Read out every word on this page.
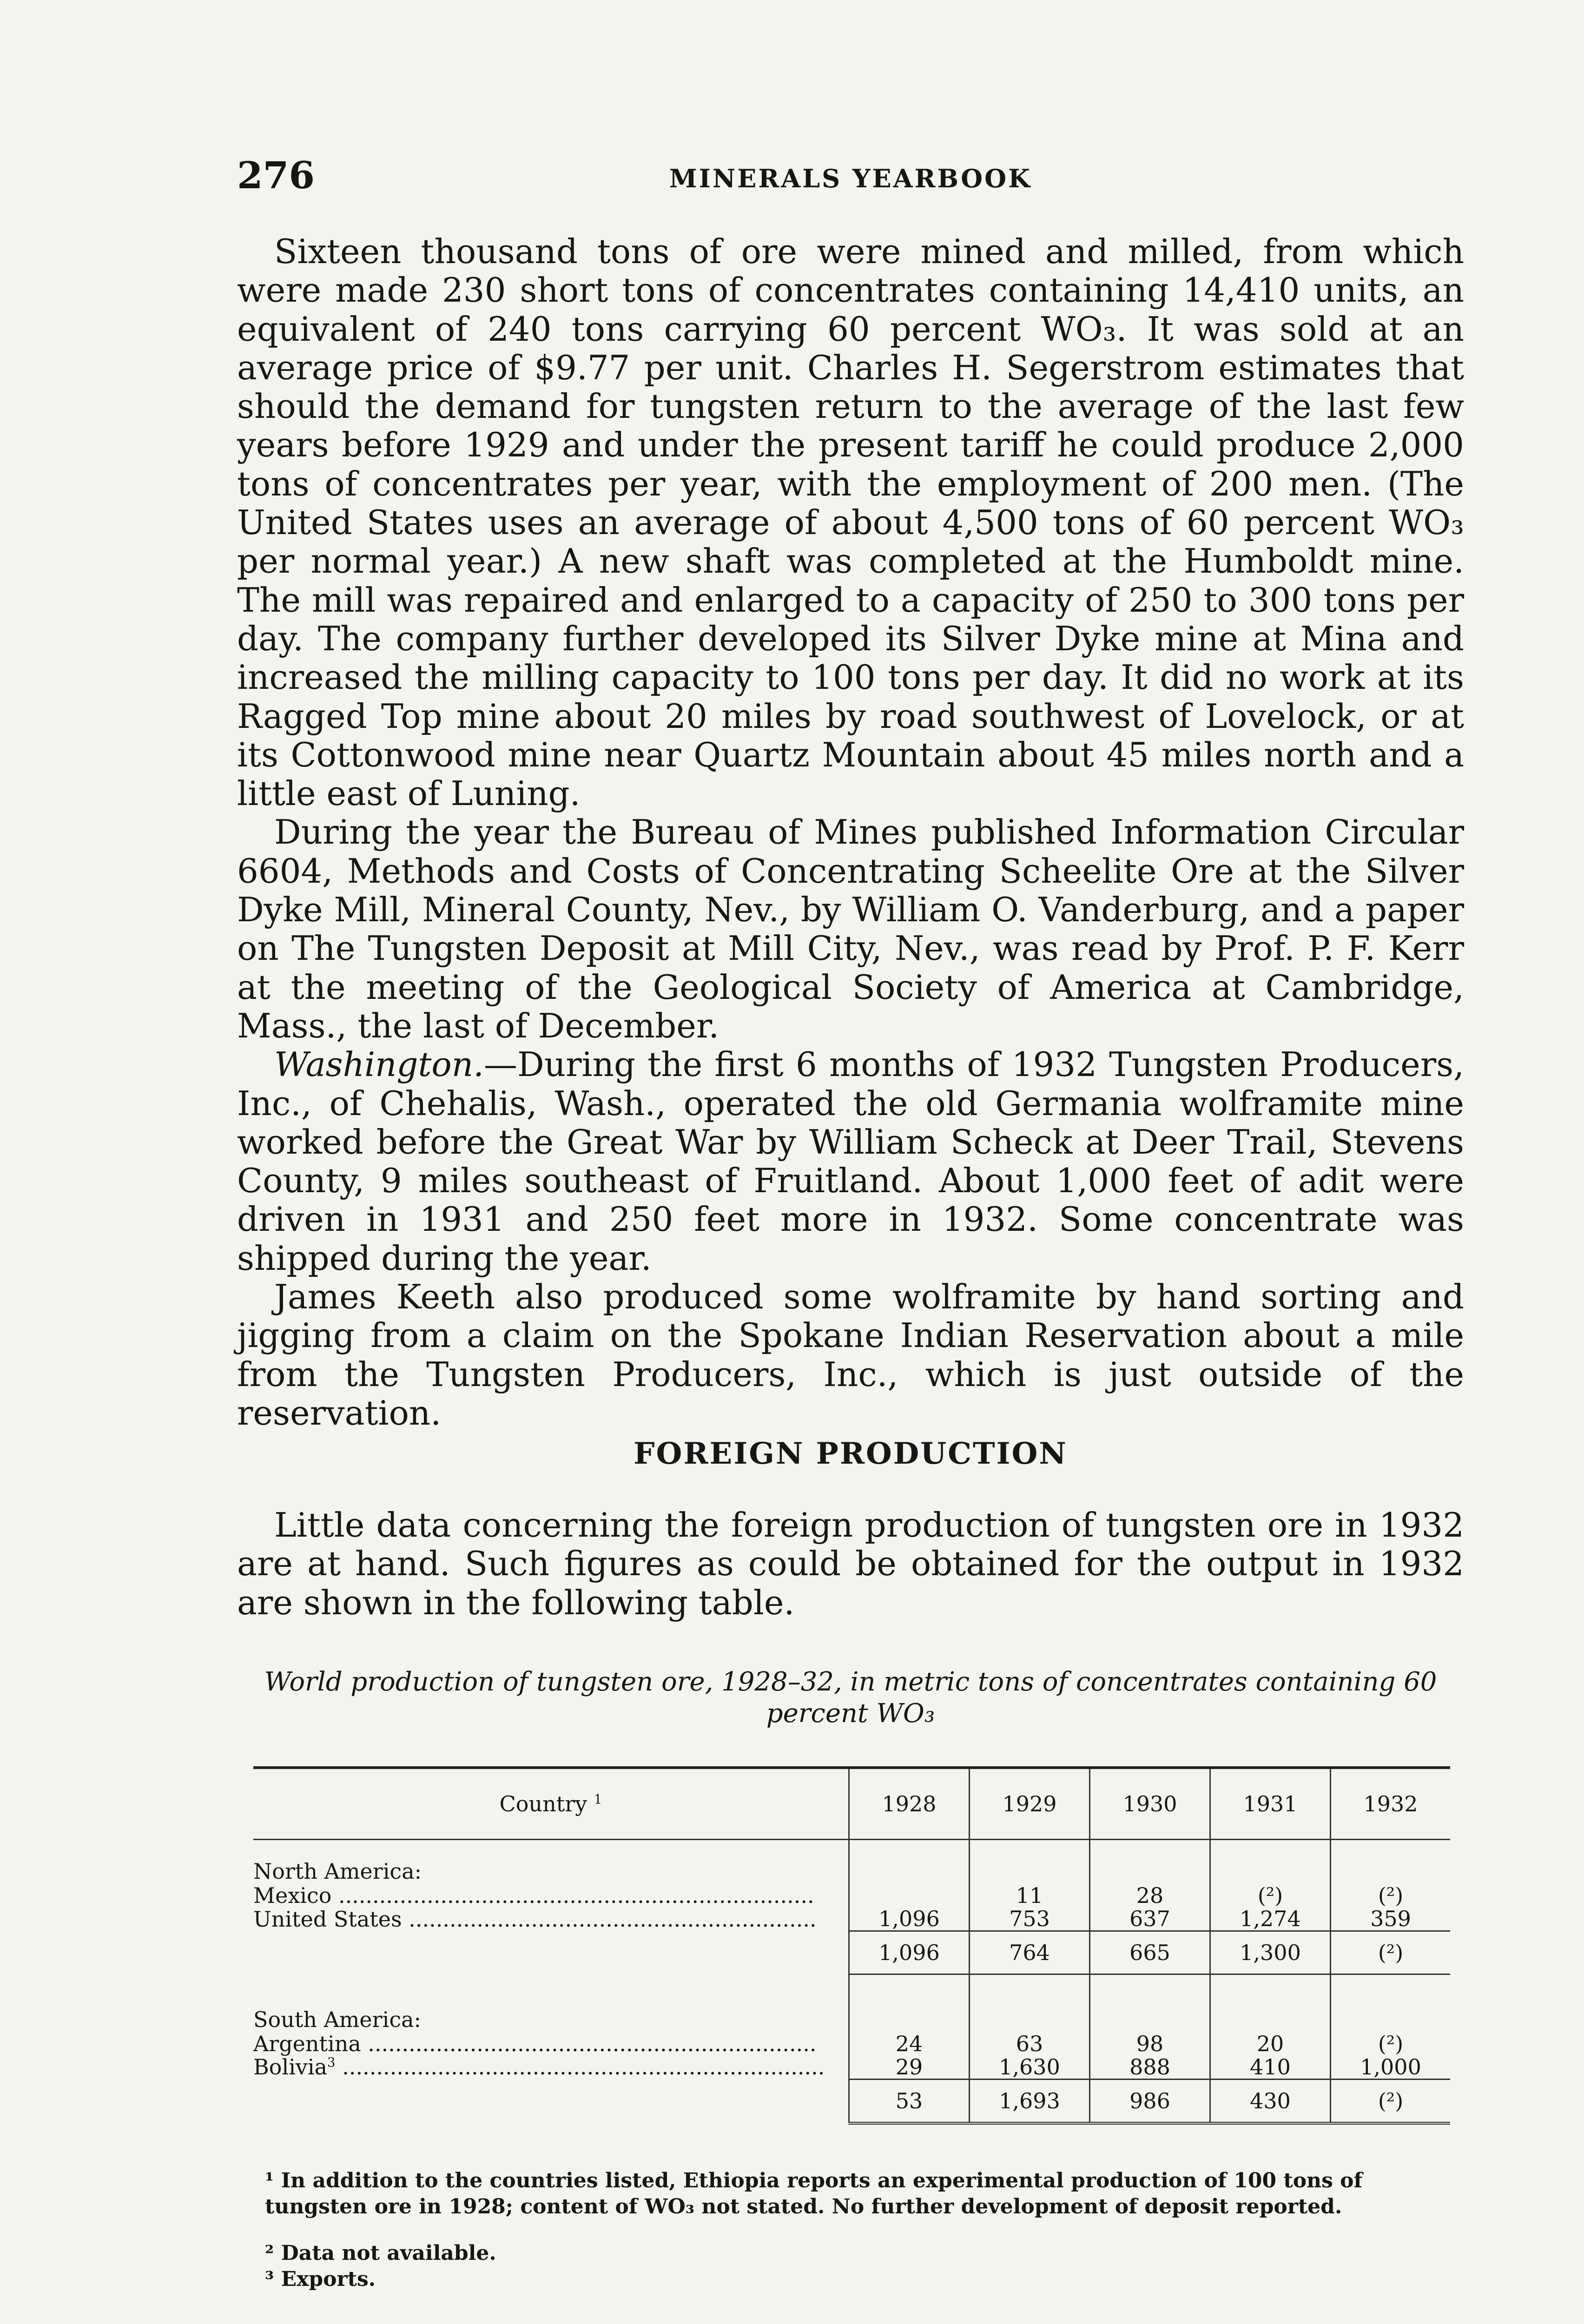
276	MINERALS YEARBOOK

Sixteen thousand tons of ore were mined and milled, from which were made 230 short tons of concentrates containing 14,410 units, an equivalent of 240 tons carrying 60 percent WO₃. It was sold at an average price of $9.77 per unit. Charles H. Segerstrom estimates that should the demand for tungsten return to the average of the last few years before 1929 and under the present tariff he could produce 2,000 tons of concentrates per year, with the employment of 200 men. (The United States uses an average of about 4,500 tons of 60 percent WO₃ per normal year.) A new shaft was completed at the Humboldt mine. The mill was repaired and enlarged to a capacity of 250 to 300 tons per day. The company further developed its Silver Dyke mine at Mina and increased the milling capacity to 100 tons per day. It did no work at its Ragged Top mine about 20 miles by road southwest of Lovelock, or at its Cottonwood mine near Quartz Mountain about 45 miles north and a little east of Luning.

During the year the Bureau of Mines published Information Circular 6604, Methods and Costs of Concentrating Scheelite Ore at the Silver Dyke Mill, Mineral County, Nev., by William O. Vanderburg, and a paper on The Tungsten Deposit at Mill City, Nev., was read by Prof. P. F. Kerr at the meeting of the Geological Society of America at Cambridge, Mass., the last of December.

Washington.—During the first 6 months of 1932 Tungsten Producers, Inc., of Chehalis, Wash., operated the old Germania wolframite mine worked before the Great War by William Scheck at Deer Trail, Stevens County, 9 miles southeast of Fruitland. About 1,000 feet of adit were driven in 1931 and 250 feet more in 1932. Some concentrate was shipped during the year.

James Keeth also produced some wolframite by hand sorting and jigging from a claim on the Spokane Indian Reservation about a mile from the Tungsten Producers, Inc., which is just outside of the reservation.

FOREIGN PRODUCTION

Little data concerning the foreign production of tungsten ore in 1932 are at hand. Such figures as could be obtained for the output in 1932 are shown in the following table.

World production of tungsten ore, 1928–32, in metric tons of concentrates containing 60 percent WO₃
Country $^1$	1928	1929	1930	1931	1932
North America:					
Mexico ......................................................................		11	28	(²)	(²)
United States ............................................................	1,096	753	637	1,274	359
	1,096	764	665	1,300	(²)
South America:					
Argentina ..................................................................	24	63	98	20	(²)
Bolivia$^3$ .......................................................................	29	1,630	888	410	1,000
	53	1,693	986	430	(²)

¹ In addition to the countries listed, Ethiopia reports an experimental production of 100 tons of tungsten ore in 1928; content of WO₃ not stated. No further development of deposit reported.

² Data not available.

³ Exports.
